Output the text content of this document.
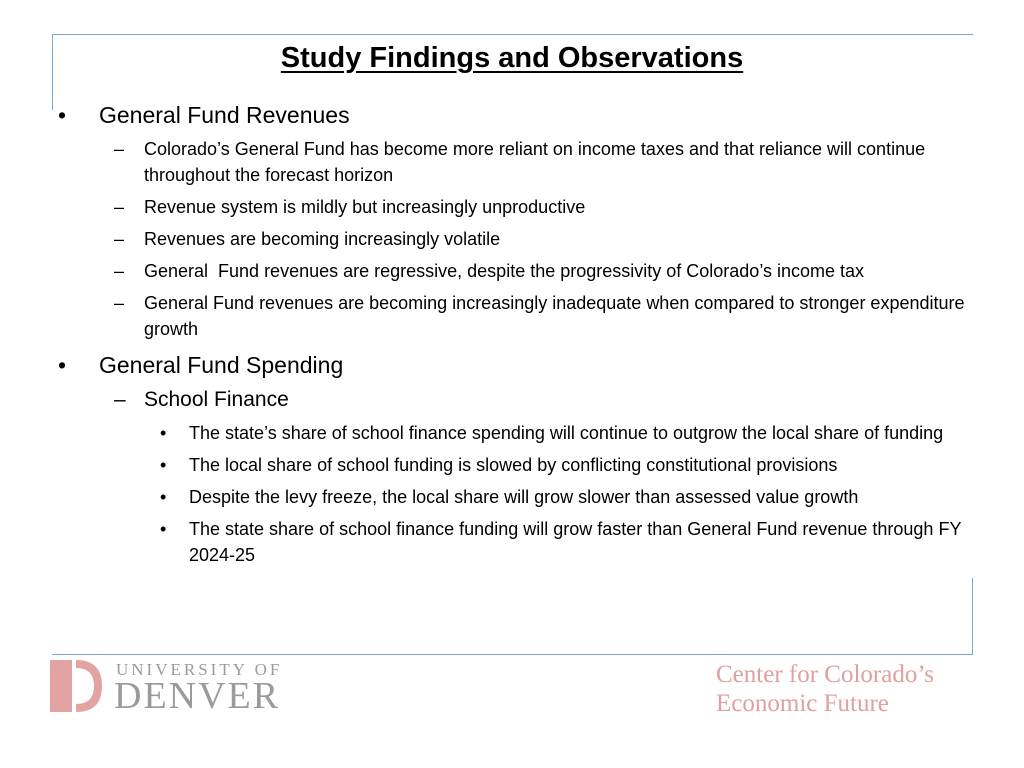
Study Findings and Observations
• General Fund Revenues
– Colorado’s General Fund has become more reliant on income taxes and that reliance will continue throughout the forecast horizon
– Revenue system is mildly but increasingly unproductive
– Revenues are becoming increasingly volatile
– General  Fund revenues are regressive, despite the progressivity of Colorado’s income tax
– General Fund revenues are becoming increasingly inadequate when compared to stronger expenditure growth
• General Fund Spending
– School Finance
• The state’s share of school finance spending will continue to outgrow the local share of funding
• The local share of school funding is slowed by conflicting constitutional provisions
• Despite the levy freeze, the local share will grow slower than assessed value growth
• The state share of school finance funding will grow faster than General Fund revenue through FY 2024-25
UNIVERSITY OF
DENVER
Center for Colorado’s
Economic Future
